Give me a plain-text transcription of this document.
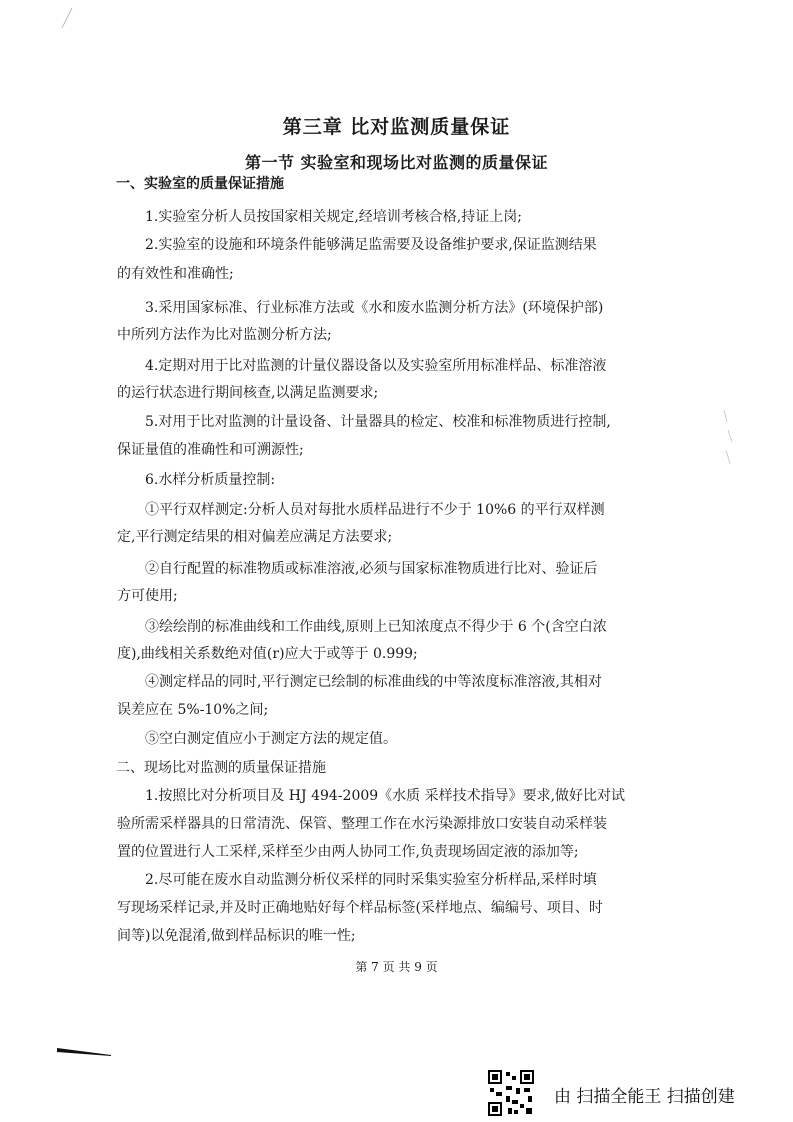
第三章 比对监测质量保证
第一节 实验室和现场比对监测的质量保证
一、实验室的质量保证措施
1.实验室分析人员按国家相关规定,经培训考核合格,持证上岗;
2.实验室的设施和环境条件能够满足监需要及设备维护要求,保证监测结果
的有效性和准确性;
3.采用国家标准、行业标准方法或《水和废水监测分析方法》(环境保护部)
中所列方法作为比对监测分析方法;
4.定期对用于比对监测的计量仪器设备以及实验室所用标准样品、标准溶液
的运行状态进行期间核查,以满足监测要求;
5.对用于比对监测的计量设备、计量器具的检定、校准和标准物质进行控制,
保证量值的准确性和可溯源性;
6.水样分析质量控制:
①平行双样测定:分析人员对每批水质样品进行不少于 10%6 的平行双样测
定,平行测定结果的相对偏差应满足方法要求;
②自行配置的标准物质或标准溶液,必须与国家标准物质进行比对、验证后
方可使用;
③绘绘削的标准曲线和工作曲线,原则上已知浓度点不得少于 6 个(含空白浓
度),曲线相关系数绝对值(r)应大于或等于 0.999;
④测定样品的同时,平行测定已绘制的标准曲线的中等浓度标准溶液,其相对
误差应在 5%-10%之间;
⑤空白测定值应小于测定方法的规定值。
二、现场比对监测的质量保证措施
1.按照比对分析项目及 HJ 494-2009《水质 采样技术指导》要求,做好比对试
验所需采样器具的日常清洗、保管、整理工作在水污染源排放口安装自动采样装
置的位置进行人工采样,采样至少由两人协同工作,负责现场固定液的添加等;
2.尽可能在废水自动监测分析仪采样的同时采集实验室分析样品,采样时填
写现场采样记录,并及时正确地贴好每个样品标签(采样地点、编编号、项目、时
间等)以免混淆,做到样品标识的唯一性;
第 7 页 共 9 页
由 扫描全能王 扫描创建
